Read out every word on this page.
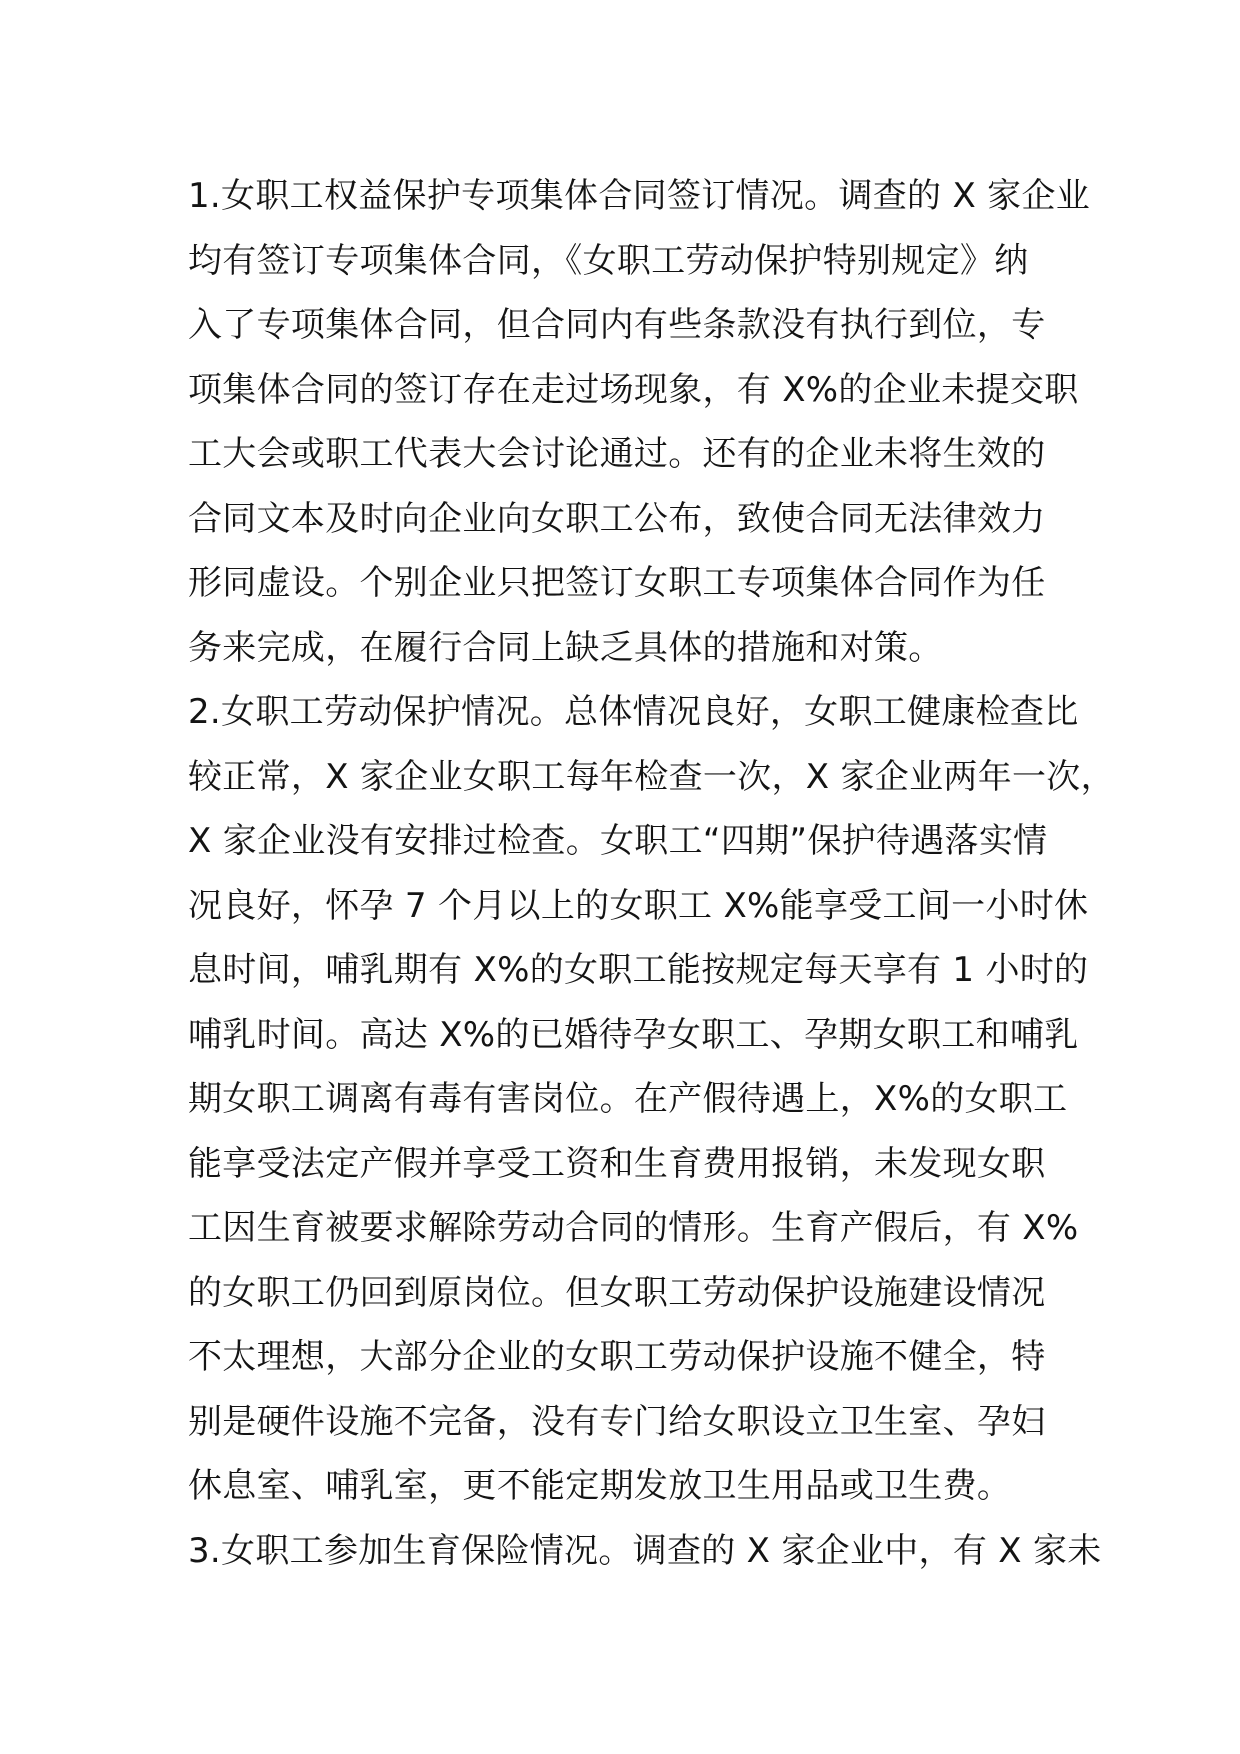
1.女职工权益保护专项集体合同签订情况。调查的 X 家企业
均有签订专项集体合同，《女职工劳动保护特别规定》纳
入了专项集体合同，但合同内有些条款没有执行到位，专
项集体合同的签订存在走过场现象，有 X%的企业未提交职
工大会或职工代表大会讨论通过。还有的企业未将生效的
合同文本及时向企业向女职工公布，致使合同无法律效力
形同虚设。个别企业只把签订女职工专项集体合同作为任
务来完成，在履行合同上缺乏具体的措施和对策。
2.女职工劳动保护情况。总体情况良好，女职工健康检查比
较正常，X 家企业女职工每年检查一次，X 家企业两年一次，
X 家企业没有安排过检查。女职工“四期”保护待遇落实情
况良好，怀孕 7 个月以上的女职工 X%能享受工间一小时休
息时间，哺乳期有 X%的女职工能按规定每天享有 1 小时的
哺乳时间。高达 X%的已婚待孕女职工、孕期女职工和哺乳
期女职工调离有毒有害岗位。在产假待遇上，X%的女职工
能享受法定产假并享受工资和生育费用报销，未发现女职
工因生育被要求解除劳动合同的情形。生育产假后，有 X%
的女职工仍回到原岗位。但女职工劳动保护设施建设情况
不太理想，大部分企业的女职工劳动保护设施不健全，特
别是硬件设施不完备，没有专门给女职设立卫生室、孕妇
休息室、哺乳室，更不能定期发放卫生用品或卫生费。
3.女职工参加生育保险情况。调查的 X 家企业中，有 X 家未
